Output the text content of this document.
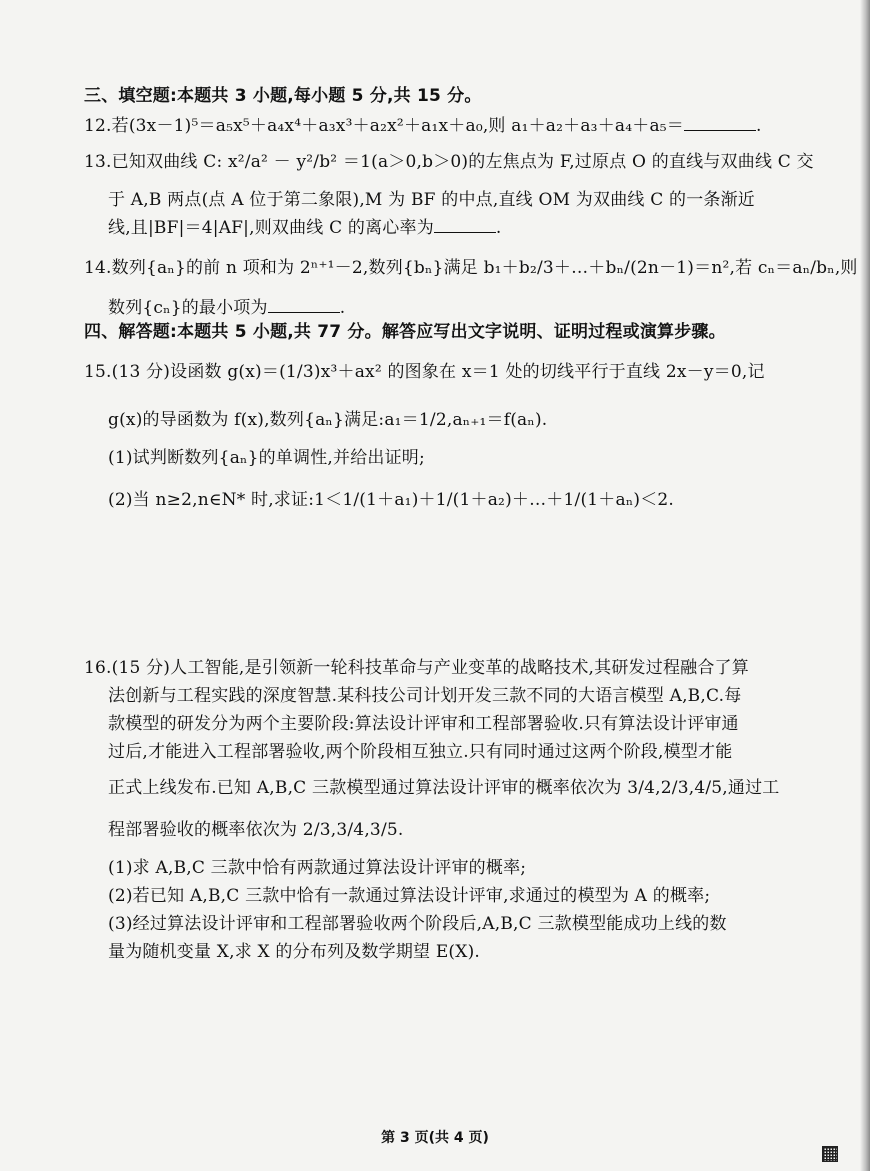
三、填空题:本题共 3 小题,每小题 5 分,共 15 分。
12.若(3x－1)⁵＝a₅x⁵＋a₄x⁴＋a₃x³＋a₂x²＋a₁x＋a₀,则 a₁＋a₂＋a₃＋a₄＋a₅＝	.
13.已知双曲线 C: x²/a² － y²/b² ＝1(a＞0,b＞0)的左焦点为 F,过原点 O 的直线与双曲线 C 交
于 A,B 两点(点 A 位于第二象限),M 为 BF 的中点,直线 OM 为双曲线 C 的一条渐近
线,且|BF|＝4|AF|,则双曲线 C 的离心率为	.
14.数列{aₙ}的前 n 项和为 2ⁿ⁺¹－2,数列{bₙ}满足 b₁＋b₂/3＋…＋bₙ/(2n－1)＝n²,若 cₙ＝aₙ/bₙ,则
数列{cₙ}的最小项为	.
四、解答题:本题共 5 小题,共 77 分。解答应写出文字说明、证明过程或演算步骤。
15.(13 分)设函数 g(x)＝(1/3)x³＋ax² 的图象在 x＝1 处的切线平行于直线 2x－y＝0,记
g(x)的导函数为 f(x),数列{aₙ}满足:a₁＝1/2,aₙ₊₁＝f(aₙ).
(1)试判断数列{aₙ}的单调性,并给出证明;
(2)当 n≥2,n∈N* 时,求证:1＜1/(1＋a₁)＋1/(1＋a₂)＋…＋1/(1＋aₙ)＜2.
16.(15 分)人工智能,是引领新一轮科技革命与产业变革的战略技术,其研发过程融合了算
法创新与工程实践的深度智慧.某科技公司计划开发三款不同的大语言模型 A,B,C.每
款模型的研发分为两个主要阶段:算法设计评审和工程部署验收.只有算法设计评审通
过后,才能进入工程部署验收,两个阶段相互独立.只有同时通过这两个阶段,模型才能
正式上线发布.已知 A,B,C 三款模型通过算法设计评审的概率依次为 3/4,2/3,4/5,通过工
程部署验收的概率依次为 2/3,3/4,3/5.
(1)求 A,B,C 三款中恰有两款通过算法设计评审的概率;
(2)若已知 A,B,C 三款中恰有一款通过算法设计评审,求通过的模型为 A 的概率;
(3)经过算法设计评审和工程部署验收两个阶段后,A,B,C 三款模型能成功上线的数
量为随机变量 X,求 X 的分布列及数学期望 E(X).
第 3 页(共 4 页)
